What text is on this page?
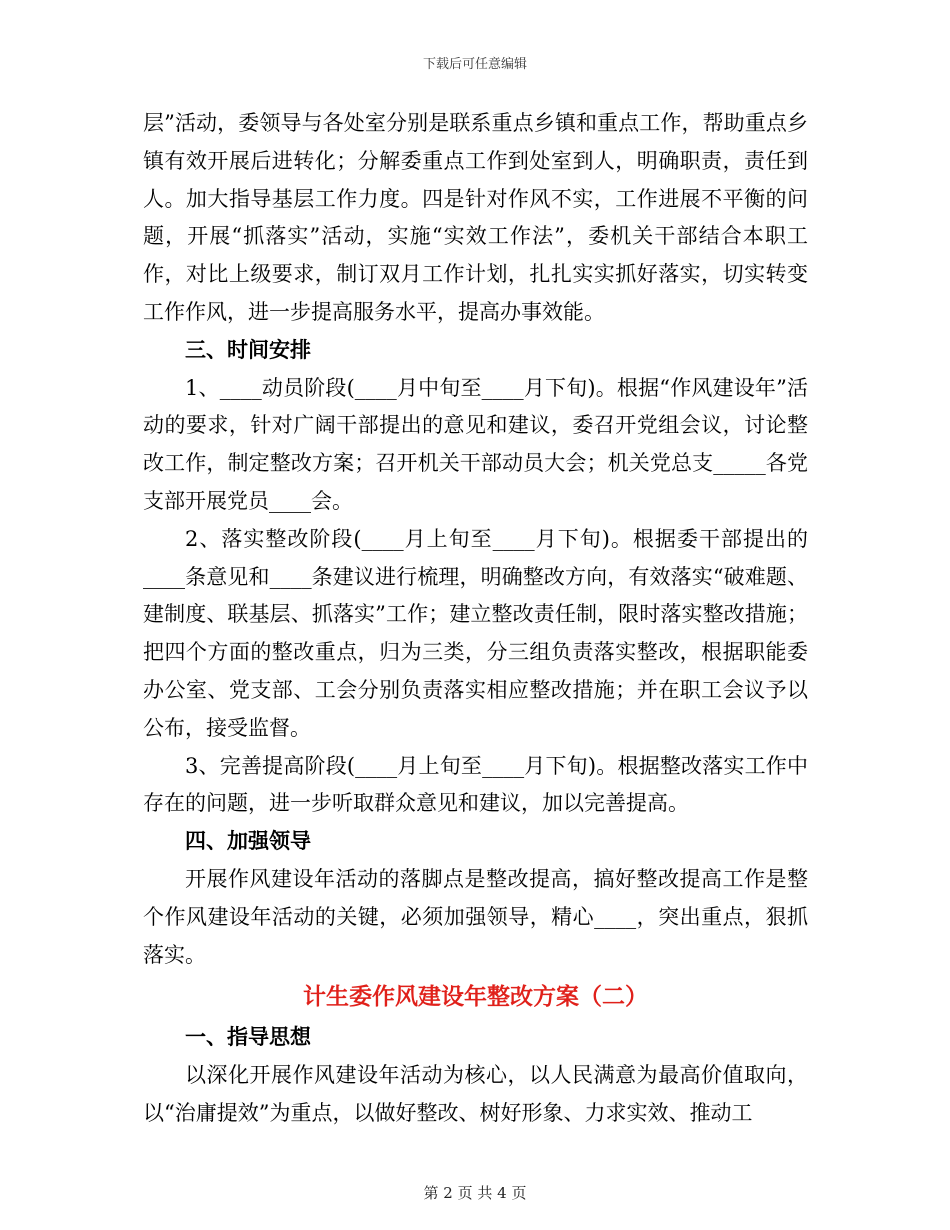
下载后可任意编辑

层”活动，委领导与各处室分别是联系重点乡镇和重点工作，帮助重点乡镇有效开展后进转化；分解委重点工作到处室到人，明确职责，责任到人。加大指导基层工作力度。四是针对作风不实，工作进展不平衡的问题，开展“抓落实”活动，实施“实效工作法”，委机关干部结合本职工作，对比上级要求，制订双月工作计划，扎扎实实抓好落实，切实转变工作作风，进一步提高服务水平，提高办事效能。

三、时间安排

1、____动员阶段(____月中旬至____月下旬)。根据“作风建设年”活动的要求，针对广阔干部提出的意见和建议，委召开党组会议，讨论整改工作，制定整改方案；召开机关干部动员大会；机关党总支_____各党支部开展党员____会。

2、落实整改阶段(____月上旬至____月下旬)。根据委干部提出的____条意见和____条建议进行梳理，明确整改方向，有效落实“破难题、建制度、联基层、抓落实”工作；建立整改责任制，限时落实整改措施；把四个方面的整改重点，归为三类，分三组负责落实整改，根据职能委办公室、党支部、工会分别负责落实相应整改措施；并在职工会议予以公布，接受监督。

3、完善提高阶段(____月上旬至____月下旬)。根据整改落实工作中存在的问题，进一步听取群众意见和建议，加以完善提高。

四、加强领导

开展作风建设年活动的落脚点是整改提高，搞好整改提高工作是整个作风建设年活动的关键，必须加强领导，精心____，突出重点，狠抓落实。

计生委作风建设年整改方案（二）

一、指导思想

以深化开展作风建设年活动为核心，以人民满意为最高价值取向，以“治庸提效”为重点，以做好整改、树好形象、力求实效、推动工

第 2 页 共 4 页
